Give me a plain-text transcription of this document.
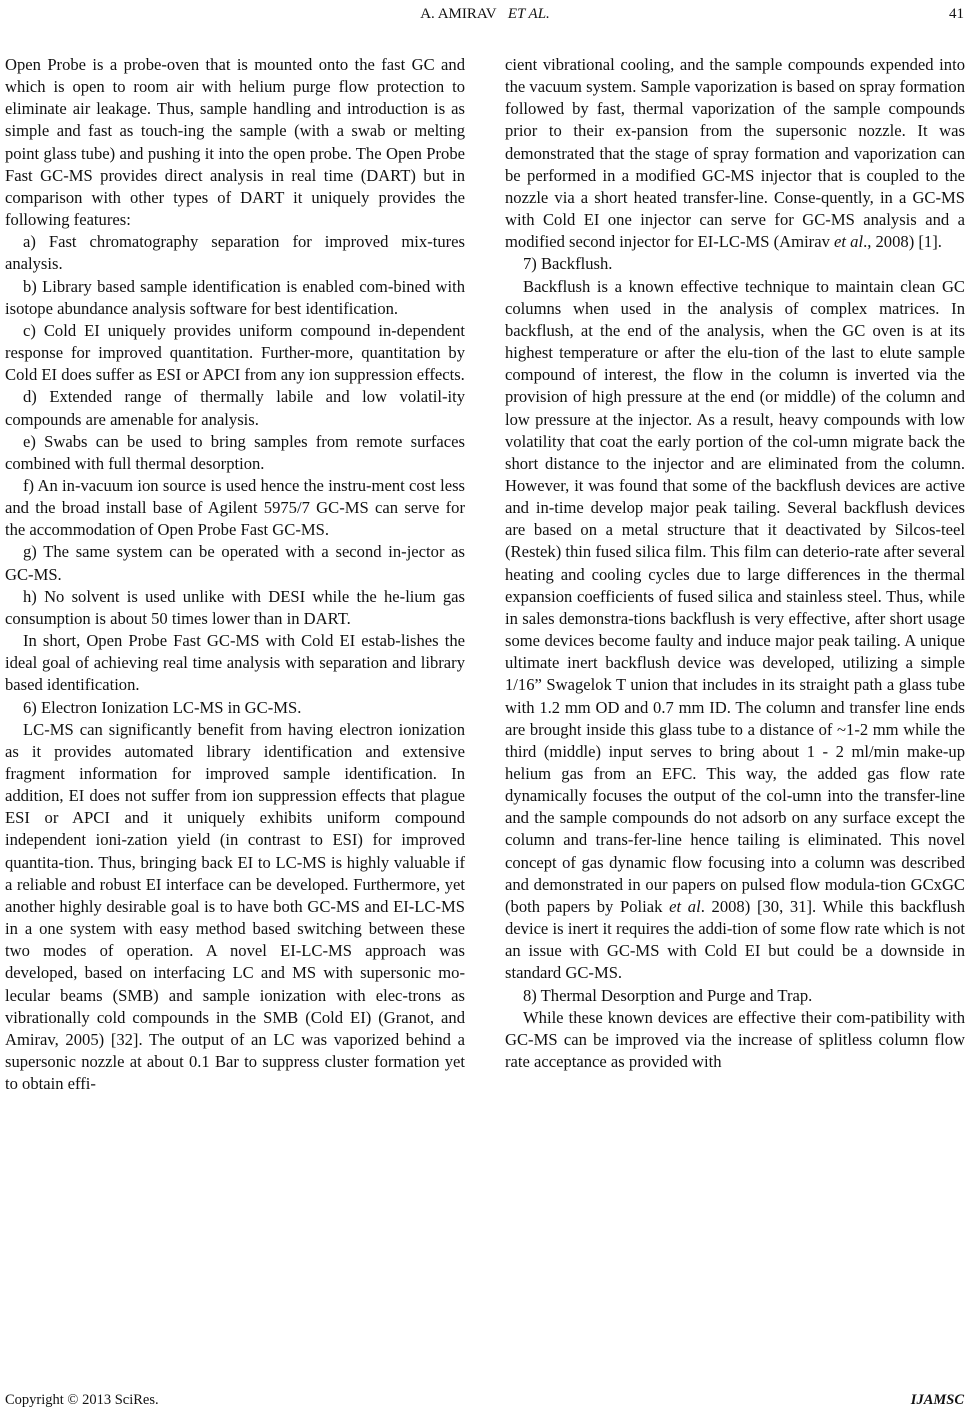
A. AMIRAV ET AL.	41

Open Probe is a probe-oven that is mounted onto the fast GC and which is open to room air with helium purge flow protection to eliminate air leakage. Thus, sample handling and introduction is as simple and fast as touch-ing the sample (with a swab or melting point glass tube) and pushing it into the open probe. The Open Probe Fast GC-MS provides direct analysis in real time (DART) but in comparison with other types of DART it uniquely provides the following features:

a) Fast chromatography separation for improved mix-tures analysis.

b) Library based sample identification is enabled com-bined with isotope abundance analysis software for best identification.

c) Cold EI uniquely provides uniform compound in-dependent response for improved quantitation. Further-more, quantitation by Cold EI does suffer as ESI or APCI from any ion suppression effects.

d) Extended range of thermally labile and low volatil-ity compounds are amenable for analysis.

e) Swabs can be used to bring samples from remote surfaces combined with full thermal desorption.

f) An in-vacuum ion source is used hence the instru-ment cost less and the broad install base of Agilent 5975/7 GC-MS can serve for the accommodation of Open Probe Fast GC-MS.

g) The same system can be operated with a second in-jector as GC-MS.

h) No solvent is used unlike with DESI while the he-lium gas consumption is about 50 times lower than in DART.

In short, Open Probe Fast GC-MS with Cold EI estab-lishes the ideal goal of achieving real time analysis with separation and library based identification.

6) Electron Ionization LC-MS in GC-MS.

LC-MS can significantly benefit from having electron ionization as it provides automated library identification and extensive fragment information for improved sample identification. In addition, EI does not suffer from ion suppression effects that plague ESI or APCI and it uniquely exhibits uniform compound independent ioni-zation yield (in contrast to ESI) for improved quantita-tion. Thus, bringing back EI to LC-MS is highly valuable if a reliable and robust EI interface can be developed. Furthermore, yet another highly desirable goal is to have both GC-MS and EI-LC-MS in a one system with easy method based switching between these two modes of operation. A novel EI-LC-MS approach was developed, based on interfacing LC and MS with supersonic mo-lecular beams (SMB) and sample ionization with elec-trons as vibrationally cold compounds in the SMB (Cold EI) (Granot, and Amirav, 2005) [32]. The output of an LC was vaporized behind a supersonic nozzle at about 0.1 Bar to suppress cluster formation yet to obtain effi-

cient vibrational cooling, and the sample compounds expended into the vacuum system. Sample vaporization is based on spray formation followed by fast, thermal vaporization of the sample compounds prior to their ex-pansion from the supersonic nozzle. It was demonstrated that the stage of spray formation and vaporization can be performed in a modified GC-MS injector that is coupled to the nozzle via a short heated transfer-line. Conse-quently, in a GC-MS with Cold EI one injector can serve for GC-MS analysis and a modified second injector for EI-LC-MS (Amirav et al., 2008) [1].

7) Backflush.

Backflush is a known effective technique to maintain clean GC columns when used in the analysis of complex matrices. In backflush, at the end of the analysis, when the GC oven is at its highest temperature or after the elu-tion of the last to elute sample compound of interest, the flow in the column is inverted via the provision of high pressure at the end (or middle) of the column and low pressure at the injector. As a result, heavy compounds with low volatility that coat the early portion of the col-umn migrate back the short distance to the injector and are eliminated from the column. However, it was found that some of the backflush devices are active and in-time develop major peak tailing. Several backflush devices are based on a metal structure that it deactivated by Silcos-teel (Restek) thin fused silica film. This film can deterio-rate after several heating and cooling cycles due to large differences in the thermal expansion coefficients of fused silica and stainless steel. Thus, while in sales demonstra-tions backflush is very effective, after short usage some devices become faulty and induce major peak tailing. A unique ultimate inert backflush device was developed, utilizing a simple 1/16” Swagelok T union that includes in its straight path a glass tube with 1.2 mm OD and 0.7 mm ID. The column and transfer line ends are brought inside this glass tube to a distance of ~1-2 mm while the third (middle) input serves to bring about 1 - 2 ml/min make-up helium gas from an EFC. This way, the added gas flow rate dynamically focuses the output of the col-umn into the transfer-line and the sample compounds do not adsorb on any surface except the column and trans-fer-line hence tailing is eliminated. This novel concept of gas dynamic flow focusing into a column was described and demonstrated in our papers on pulsed flow modula-tion GCxGC (both papers by Poliak et al. 2008) [30, 31]. While this backflush device is inert it requires the addi-tion of some flow rate which is not an issue with GC-MS with Cold EI but could be a downside in standard GC-MS.

8) Thermal Desorption and Purge and Trap.

While these known devices are effective their com-patibility with GC-MS can be improved via the increase of splitless column flow rate acceptance as provided with

Copyright © 2013 SciRes.	IJAMSC
